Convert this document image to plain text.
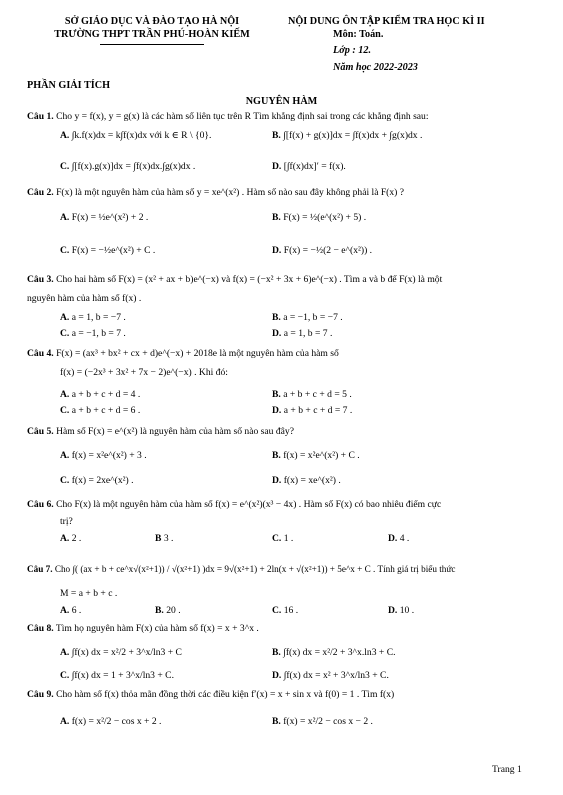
SỞ GIÁO DỤC VÀ ĐÀO TẠO HÀ NỘI
TRƯỜNG THPT TRẦN PHÚ-HOÀN KIẾM
NỘI DUNG ÔN TẬP KIỂM TRA HỌC KÌ II
Môn: Toán.
Lớp : 12.
Năm học 2022-2023
PHẦN GIẢI TÍCH
NGUYÊN HÀM
Câu 1. Cho y = f(x), y = g(x) là các hàm số liên tục trên R Tìm khẳng định sai trong các khẳng định sau:
A. ∫k.f(x)dx = k∫f(x)dx với k ∈ R \ {0}.	B. ∫[f(x) + g(x)]dx = ∫f(x)dx + ∫g(x)dx .
C. ∫[f(x).g(x)]dx = ∫f(x)dx.∫g(x)dx .	D. [∫f(x)dx]′ = f(x).
Câu 2. F(x) là một nguyên hàm của hàm số y = xe^(x²) . Hàm số nào sau đây không phải là F(x) ?
A. F(x) = ½e^(x²) + 2 .	B. F(x) = ½(e^(x²) + 5) .
C. F(x) = −½e^(x²) + C .	D. F(x) = −½(2 − e^(x²)) .
Câu 3. Cho hai hàm số F(x) = (x² + ax + b)e^(−x) và f(x) = (−x² + 3x + 6)e^(−x) . Tìm a và b để F(x) là một
nguyên hàm của hàm số f(x) .
A. a = 1, b = −7 .	B. a = −1, b = −7 .
C. a = −1, b = 7 .	D. a = 1, b = 7 .
Câu 4. F(x) = (ax³ + bx² + cx + d)e^(−x) + 2018e là một nguyên hàm của hàm số
f(x) = (−2x³ + 3x² + 7x − 2)e^(−x) . Khi đó:
A. a + b + c + d = 4 .	B. a + b + c + d = 5 .
C. a + b + c + d = 6 .	D. a + b + c + d = 7 .
Câu 5. Hàm số F(x) = e^(x²) là nguyên hàm của hàm số nào sau đây?
A. f(x) = x²e^(x²) + 3 .	B. f(x) = x²e^(x²) + C .
C. f(x) = 2xe^(x²) .	D. f(x) = xe^(x²) .
Câu 6. Cho F(x) là một nguyên hàm của hàm số f(x) = e^(x²)(x³ − 4x) . Hàm số F(x) có bao nhiêu điểm cực
trị?
A. 2 .	B 3 .	C. 1 .	D. 4 .
Câu 7. Cho ∫( (ax + b + ce^x√(x²+1)) / √(x²+1) )dx = 9√(x²+1) + 2ln(x + √(x²+1)) + 5e^x + C . Tính giá trị biểu thức
M = a + b + c .
A. 6 .	B. 20 .	C. 16 .	D. 10 .
Câu 8. Tìm họ nguyên hàm F(x) của hàm số f(x) = x + 3^x .
A. ∫f(x) dx = x²/2 + 3^x/ln3 + C	B. ∫f(x) dx = x²/2 + 3^x.ln3 + C.
C. ∫f(x) dx = 1 + 3^x/ln3 + C.	D. ∫f(x) dx = x² + 3^x/ln3 + C.
Câu 9. Cho hàm số f(x) thỏa mãn đồng thời các điều kiện f′(x) = x + sin x và f(0) = 1 . Tìm f(x)
A. f(x) = x²/2 − cos x + 2 .	B. f(x) = x²/2 − cos x − 2 .
Trang 1
